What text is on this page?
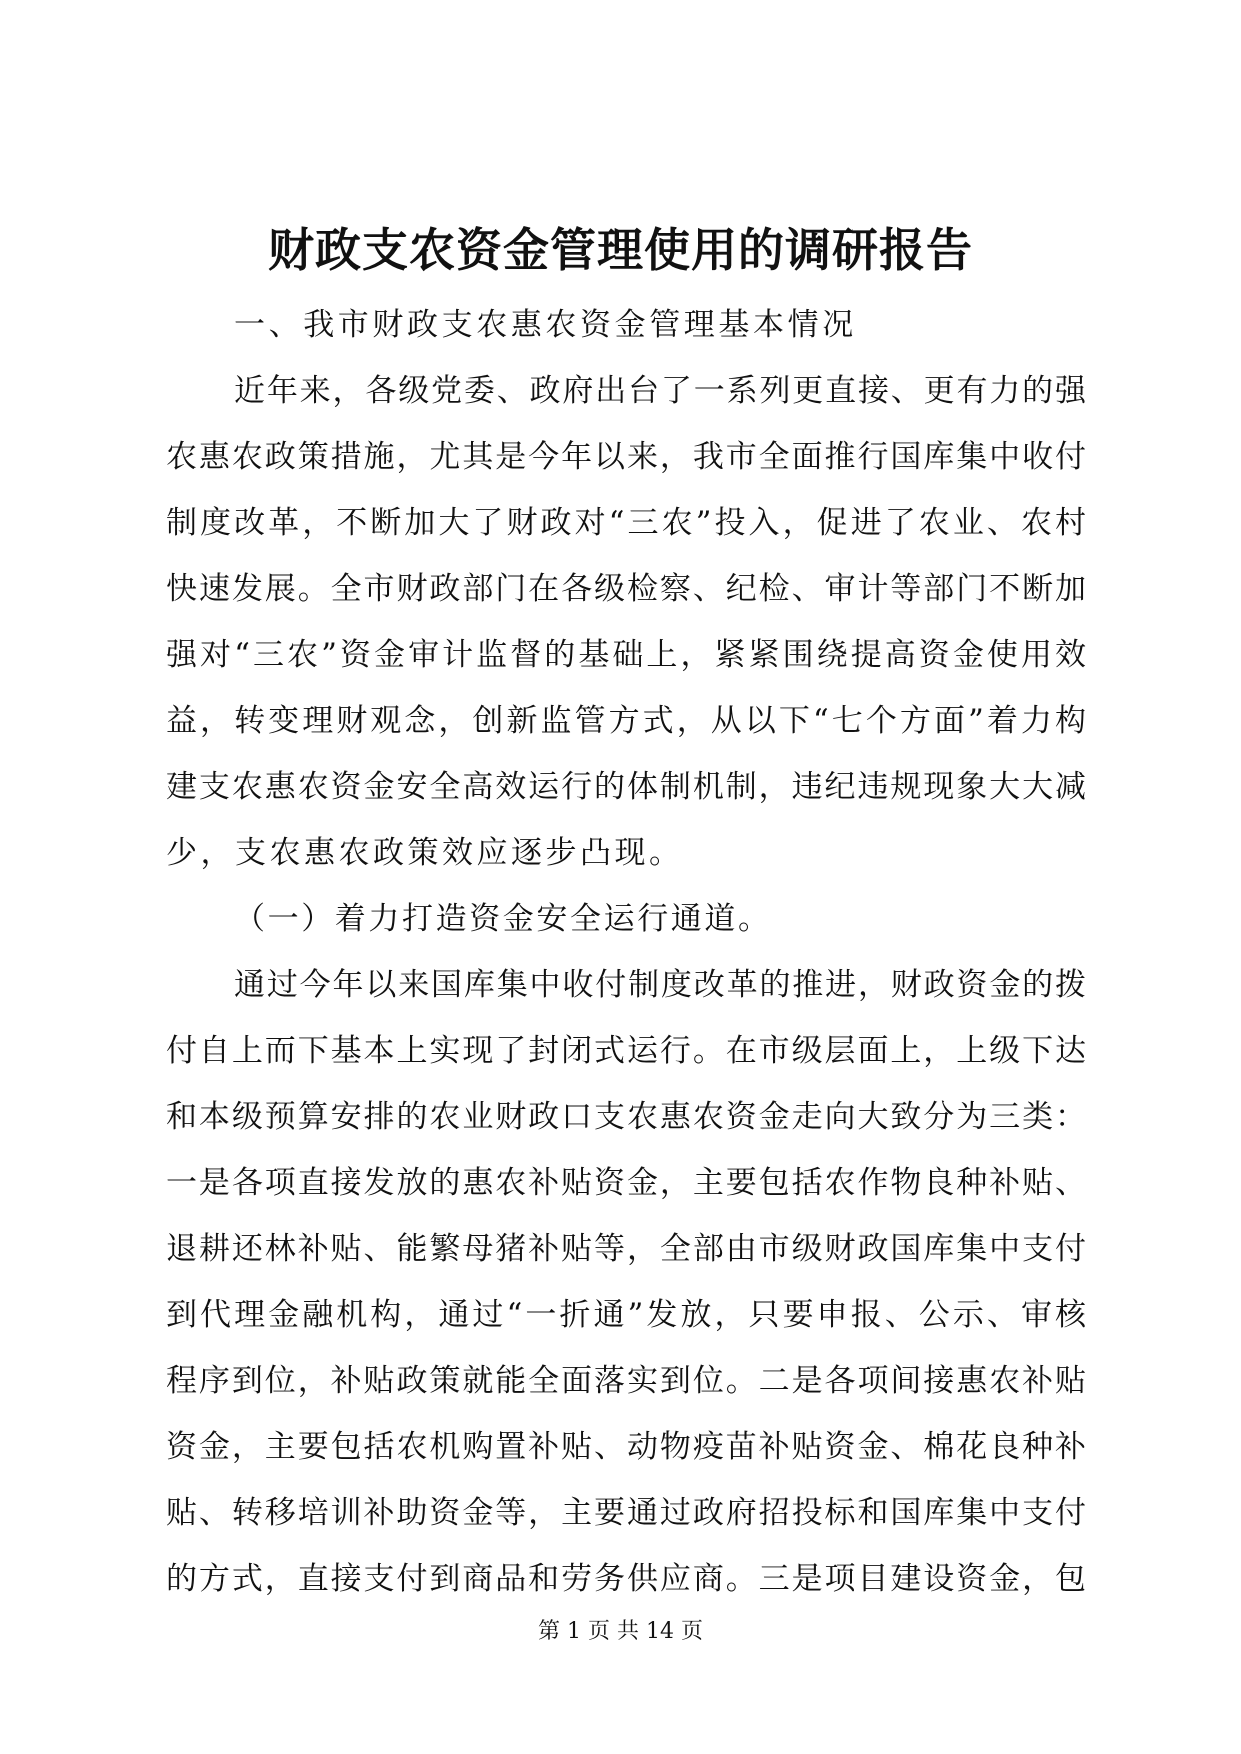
财政支农资金管理使用的调研报告
一、我市财政支农惠农资金管理基本情况
近年来，各级党委、政府出台了一系列更直接、更有力的强
农惠农政策措施，尤其是今年以来，我市全面推行国库集中收付
制度改革，不断加大了财政对“三农”投入，促进了农业、农村
快速发展。全市财政部门在各级检察、纪检、审计等部门不断加
强对“三农”资金审计监督的基础上，紧紧围绕提高资金使用效
益，转变理财观念，创新监管方式，从以下“七个方面”着力构
建支农惠农资金安全高效运行的体制机制，违纪违规现象大大减
少，支农惠农政策效应逐步凸现。
（一）着力打造资金安全运行通道。
通过今年以来国库集中收付制度改革的推进，财政资金的拨
付自上而下基本上实现了封闭式运行。在市级层面上，上级下达
和本级预算安排的农业财政口支农惠农资金走向大致分为三类：
一是各项直接发放的惠农补贴资金，主要包括农作物良种补贴、
退耕还林补贴、能繁母猪补贴等，全部由市级财政国库集中支付
到代理金融机构，通过“一折通”发放，只要申报、公示、审核
程序到位，补贴政策就能全面落实到位。二是各项间接惠农补贴
资金，主要包括农机购置补贴、动物疫苗补贴资金、棉花良种补
贴、转移培训补助资金等，主要通过政府招投标和国库集中支付
的方式，直接支付到商品和劳务供应商。三是项目建设资金，包
第 1 页 共 14 页
